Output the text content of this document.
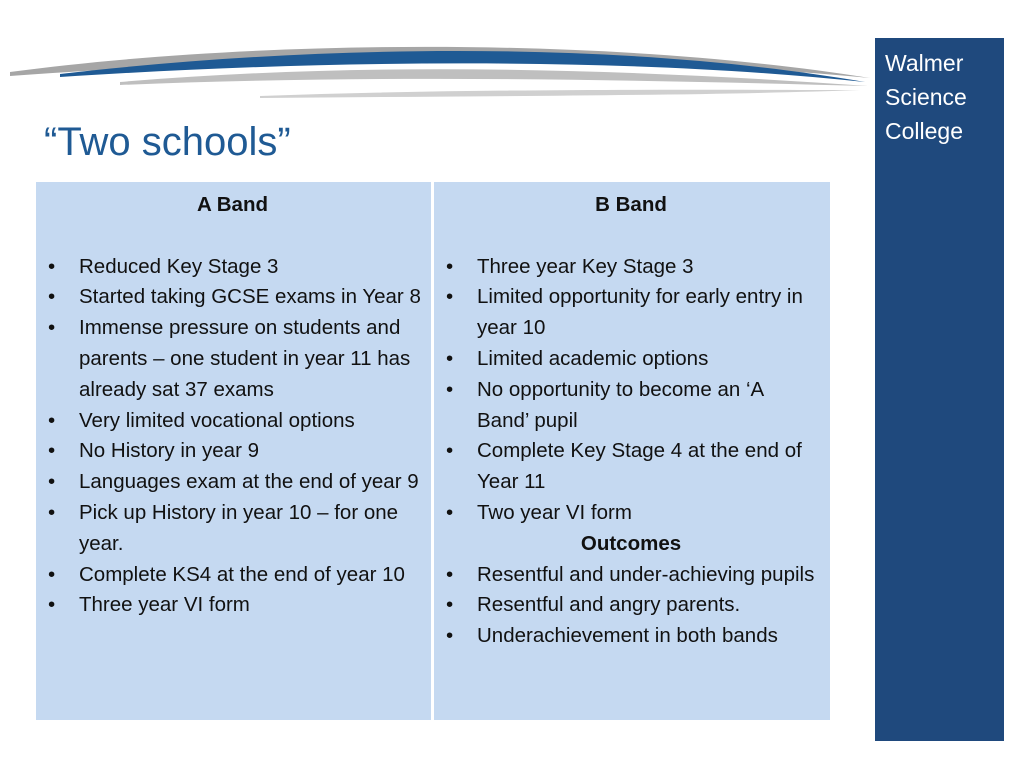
Walmer
Science
College
“Two schools”
A Band
• Reduced Key Stage 3
• Started taking GCSE exams in Year 8
• Immense pressure on students and parents – one student in year 11 has already sat 37 exams
• Very limited vocational options
• No History in year 9
• Languages exam at the end of year 9
• Pick up History in year 10 – for one year.
• Complete KS4 at the end of year 10
• Three year VI form
B Band
• Three year Key Stage 3
• Limited opportunity for early entry in year 10
• Limited academic options
• No opportunity to become an ‘A Band’ pupil
• Complete Key Stage 4 at the end of Year 11
• Two year VI form
Outcomes
• Resentful and under-achieving pupils
• Resentful and angry parents.
• Underachievement in both bands
